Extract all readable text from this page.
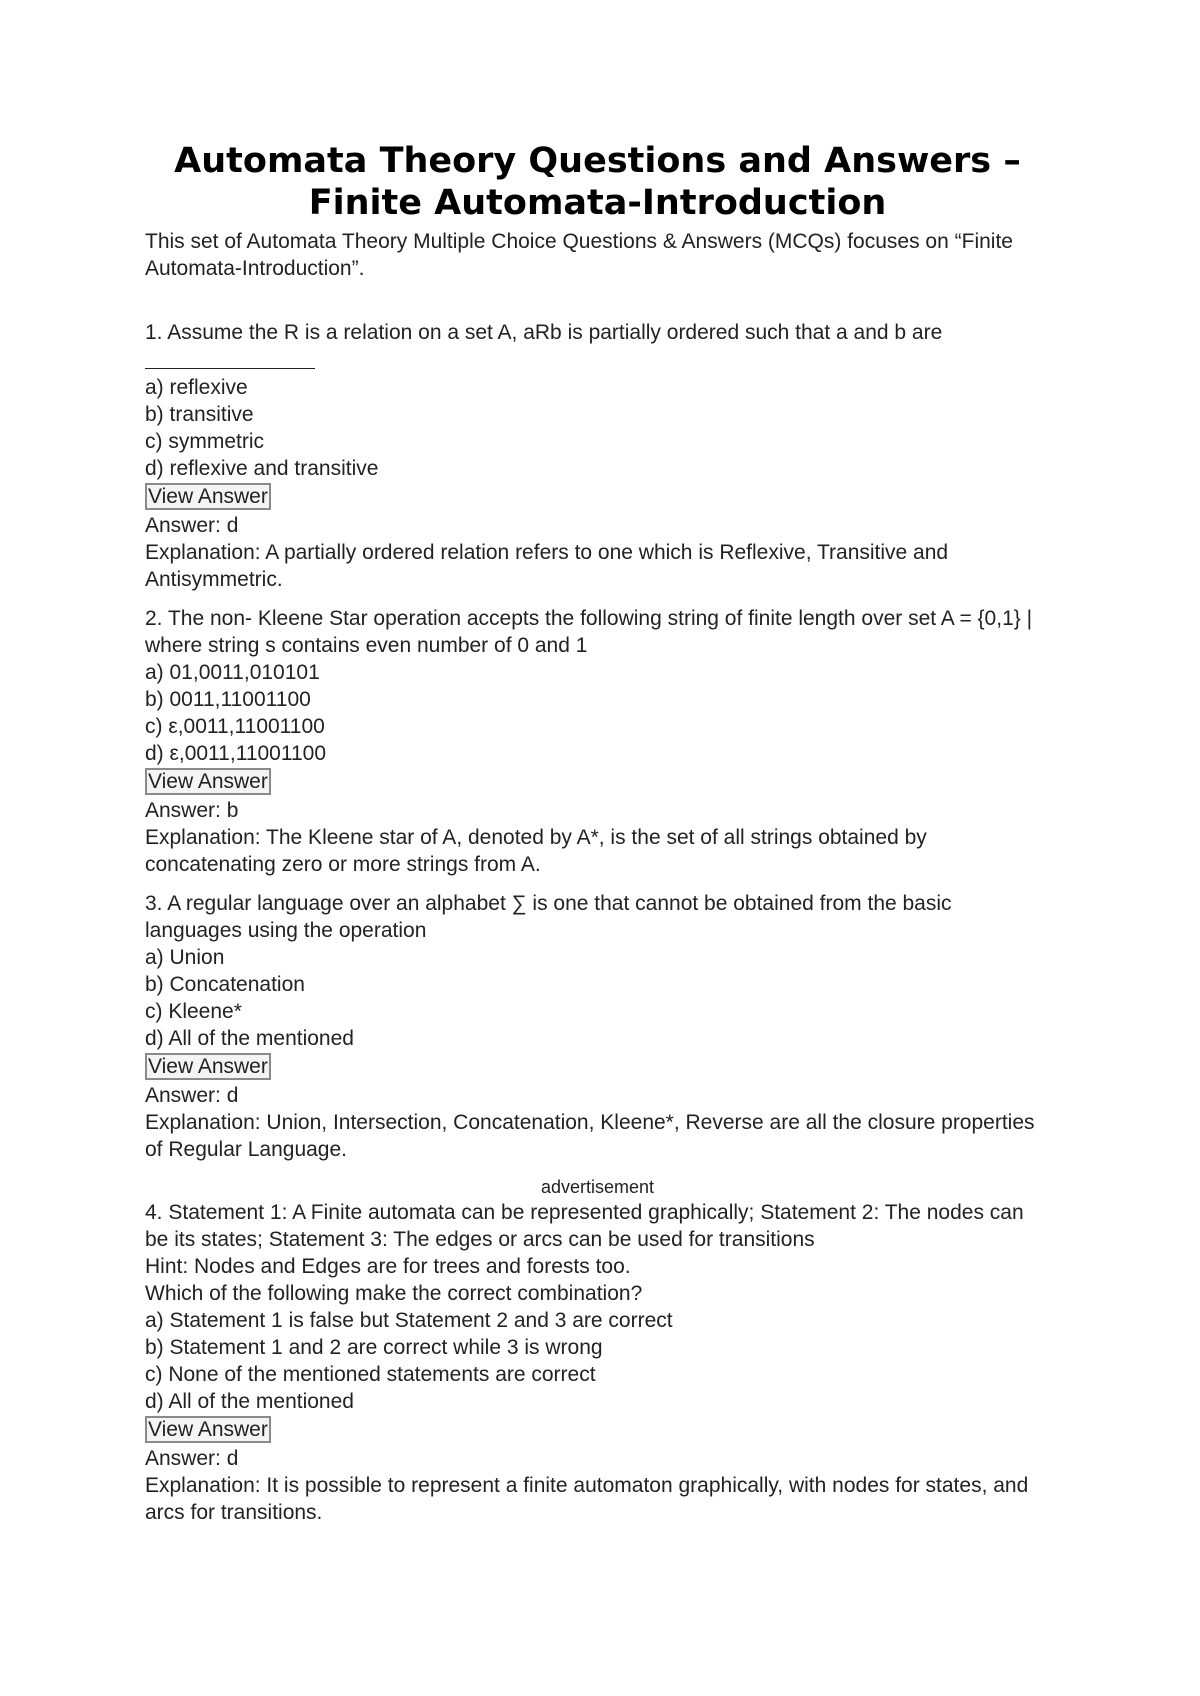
Automata Theory Questions and Answers – Finite Automata-Introduction

This set of Automata Theory Multiple Choice Questions & Answers (MCQs) focuses on “Finite Automata-Introduction”.

1. Assume the R is a relation on a set A, aRb is partially ordered such that a and b are
a) reflexive
b) transitive
c) symmetric
d) reflexive and transitive
View Answer
Answer: d
Explanation: A partially ordered relation refers to one which is Reflexive, Transitive and Antisymmetric.
2. The non- Kleene Star operation accepts the following string of finite length over set A = {0,1} | where string s contains even number of 0 and 1
a) 01,0011,010101
b) 0011,11001100
c) ε,0011,11001100
d) ε,0011,11001100
View Answer
Answer: b
Explanation: The Kleene star of A, denoted by A*, is the set of all strings obtained by concatenating zero or more strings from A.
3. A regular language over an alphabet ∑ is one that cannot be obtained from the basic languages using the operation
a) Union
b) Concatenation
c) Kleene*
d) All of the mentioned
View Answer
Answer: d
Explanation: Union, Intersection, Concatenation, Kleene*, Reverse are all the closure properties of Regular Language.
advertisement
4. Statement 1: A Finite automata can be represented graphically; Statement 2: The nodes can be its states; Statement 3: The edges or arcs can be used for transitions
Hint: Nodes and Edges are for trees and forests too.
Which of the following make the correct combination?
a) Statement 1 is false but Statement 2 and 3 are correct
b) Statement 1 and 2 are correct while 3 is wrong
c) None of the mentioned statements are correct
d) All of the mentioned
View Answer
Answer: d
Explanation: It is possible to represent a finite automaton graphically, with nodes for states, and arcs for transitions.
